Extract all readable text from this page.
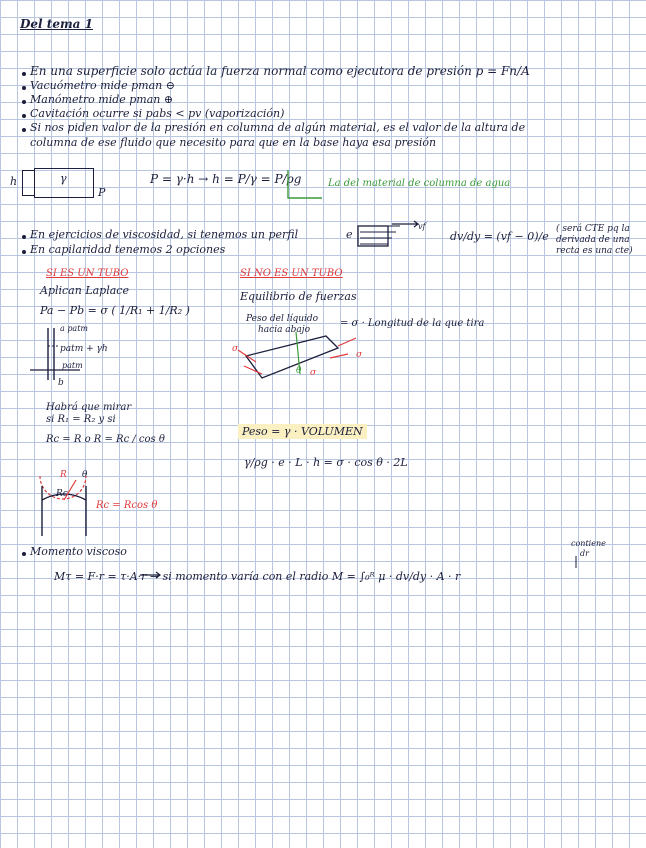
Del tema 1
En una superficie solo actúa la fuerza normal como ejecutora de presión p = Fn/A
Vacuómetro mide pman ⊖
Manómetro mide pman ⊕
Cavitación ocurre si pabs < pv (vaporización)
Si nos piden valor de la presión en columna de algún material, es el valor de la altura de
columna de ese fluido que necesito para que en la base haya esa presión
h	γ
P
P = γ·h → h = P/γ = P/ρg	La del material de columna de agua
En ejercicios de viscosidad, si tenemos un perfil	e
vf
dv/dy = (vf − 0)/e
( será CTE pq la derivada de una recta es una cte)
En capilaridad tenemos 2 opciones
SI ES UN TUBO
Aplican Laplace
Pa − Pb = σ ( 1/R₁ + 1/R₂ )
a patm
patm + γh
patm
b
Habrá que mirar
si R₁ = R₂ y si
Rc = R o R = Rc / cos θ
R θ
Rc
Rc = Rcos θ
SI NO ES UN TUBO
Equilibrio de fuerzas
Peso del líquido
hacia abajo
= σ · Longitud de la que tira
σ
σ
σ
θ
Peso = γ · VOLUMEN
γ/ρg · e · L · h = σ · cos θ · 2L
Momento viscoso
Mτ = F·r = τ·A·r → si momento varía con el radio M = ∫₀ᴿ μ · dv/dy · A · r
contiene
dr
